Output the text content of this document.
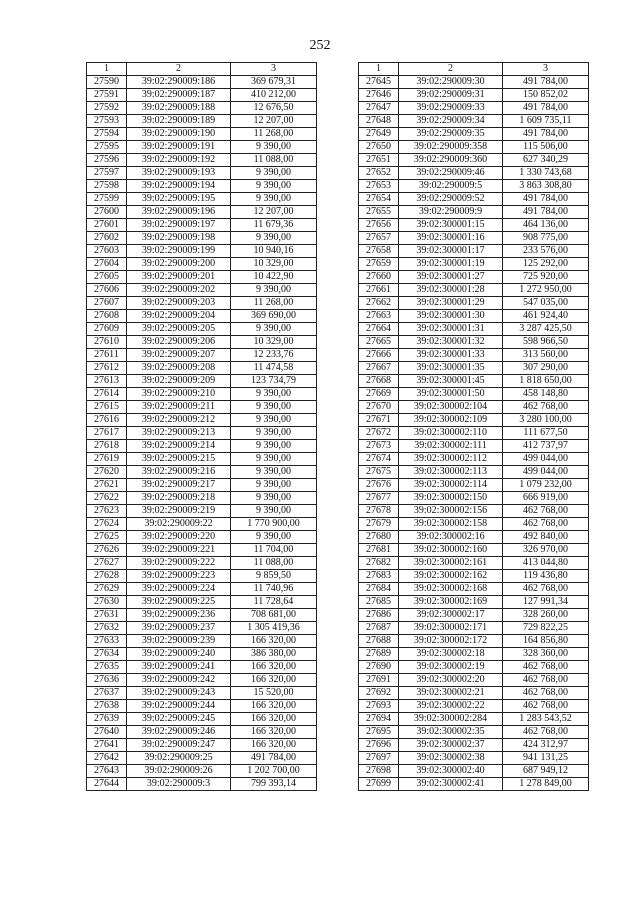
252
1	2	3
27590	39:02:290009:186	369 679,31
27591	39:02:290009:187	410 212,00
27592	39:02:290009:188	12 676,50
27593	39:02:290009:189	12 207,00
27594	39:02:290009:190	11 268,00
27595	39:02:290009:191	9 390,00
27596	39:02:290009:192	11 088,00
27597	39:02:290009:193	9 390,00
27598	39:02:290009:194	9 390,00
27599	39:02:290009:195	9 390,00
27600	39:02:290009:196	12 207,00
27601	39:02:290009:197	11 679,36
27602	39:02:290009:198	9 390,00
27603	39:02:290009:199	10 940,16
27604	39:02:290009:200	10 329,00
27605	39:02:290009:201	10 422,90
27606	39:02:290009:202	9 390,00
27607	39:02:290009:203	11 268,00
27608	39:02:290009:204	369 690,00
27609	39:02:290009:205	9 390,00
27610	39:02:290009:206	10 329,00
27611	39:02:290009:207	12 233,76
27612	39:02:290009:208	11 474,58
27613	39:02:290009:209	123 734,79
27614	39:02:290009:210	9 390,00
27615	39:02:290009:211	9 390,00
27616	39:02:290009:212	9 390,00
27617	39:02:290009:213	9 390,00
27618	39:02:290009:214	9 390,00
27619	39:02:290009:215	9 390,00
27620	39:02:290009:216	9 390,00
27621	39:02:290009:217	9 390,00
27622	39:02:290009:218	9 390,00
27623	39:02:290009:219	9 390,00
27624	39:02:290009:22	1 770 900,00
27625	39:02:290009:220	9 390,00
27626	39:02:290009:221	11 704,00
27627	39:02:290009:222	11 088,00
27628	39:02:290009:223	9 859,50
27629	39:02:290009:224	11 740,96
27630	39:02:290009:225	11 728,64
27631	39:02:290009:236	708 681,00
27632	39:02:290009:237	1 305 419,36
27633	39:02:290009:239	166 320,00
27634	39:02:290009:240	386 380,00
27635	39:02:290009:241	166 320,00
27636	39:02:290009:242	166 320,00
27637	39:02:290009:243	15 520,00
27638	39:02:290009:244	166 320,00
27639	39:02:290009:245	166 320,00
27640	39:02:290009:246	166 320,00
27641	39:02:290009:247	166 320,00
27642	39:02:290009:25	491 784,00
27643	39:02:290009:26	1 202 700,00
27644	39:02:290009:3	799 393,14
1	2	3
27645	39:02:290009:30	491 784,00
27646	39:02:290009:31	150 852,02
27647	39:02:290009:33	491 784,00
27648	39:02:290009:34	1 609 735,11
27649	39:02:290009:35	491 784,00
27650	39:02:290009:358	115 506,00
27651	39:02:290009:360	627 340,29
27652	39:02:290009:46	1 330 743,68
27653	39:02:290009:5	3 863 308,80
27654	39:02:290009:52	491 784,00
27655	39:02:290009:9	491 784,00
27656	39:02:300001:15	464 136,00
27657	39:02:300001:16	908 775,00
27658	39:02:300001:17	233 576,00
27659	39:02:300001:19	125 292,00
27660	39:02:300001:27	725 920,00
27661	39:02:300001:28	1 272 950,00
27662	39:02:300001:29	547 035,00
27663	39:02:300001:30	461 924,40
27664	39:02:300001:31	3 287 425,50
27665	39:02:300001:32	598 966,50
27666	39:02:300001:33	313 560,00
27667	39:02:300001:35	307 290,00
27668	39:02:300001:45	1 818 650,00
27669	39:02:300001:50	458 148,80
27670	39:02:300002:104	462 768,00
27671	39:02:300002:109	3 280 100,00
27672	39:02:300002:110	111 677,50
27673	39:02:300002:111	412 737,97
27674	39:02:300002:112	499 044,00
27675	39:02:300002:113	499 044,00
27676	39:02:300002:114	1 079 232,00
27677	39:02:300002:150	666 919,00
27678	39:02:300002:156	462 768,00
27679	39:02:300002:158	462 768,00
27680	39:02:300002:16	492 840,00
27681	39:02:300002:160	326 970,00
27682	39:02:300002:161	413 044,80
27683	39:02:300002:162	119 436,80
27684	39:02:300002:168	462 768,00
27685	39:02:300002:169	127 991,34
27686	39:02:300002:17	328 260,00
27687	39:02:300002:171	729 822,25
27688	39:02:300002:172	164 856,80
27689	39:02:300002:18	328 360,00
27690	39:02:300002:19	462 768,00
27691	39:02:300002:20	462 768,00
27692	39:02:300002:21	462 768,00
27693	39:02:300002:22	462 768,00
27694	39:02:300002:284	1 283 543,52
27695	39:02:300002:35	462 768,00
27696	39:02:300002:37	424 312,97
27697	39:02:300002:38	941 131,25
27698	39:02:300002:40	687 949,12
27699	39:02:300002:41	1 278 849,00
